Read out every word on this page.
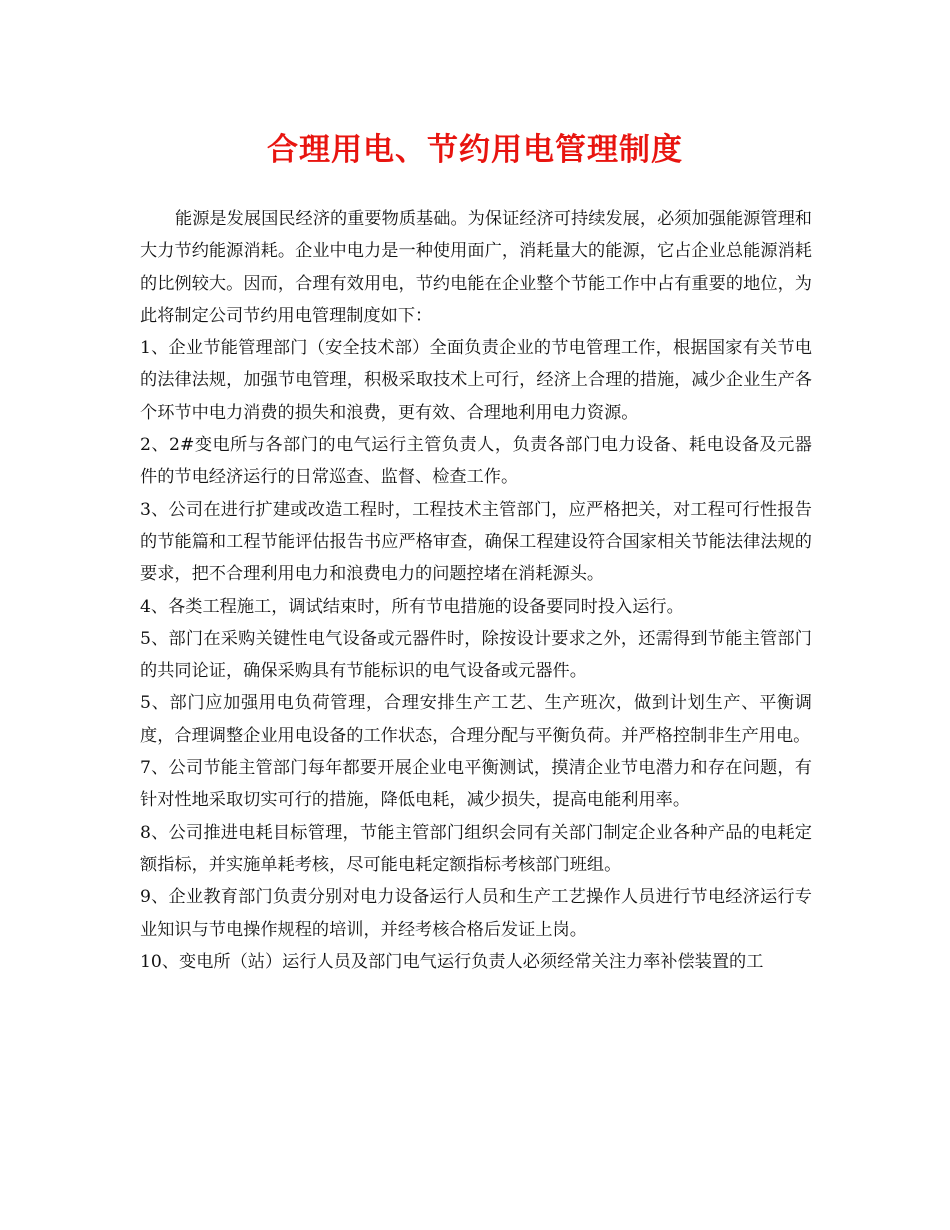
合理用电、节约用电管理制度

能源是发展国民经济的重要物质基础。为保证经济可持续发展，必须加强能源管理和大力节约能源消耗。企业中电力是一种使用面广，消耗量大的能源，它占企业总能源消耗的比例较大。因而，合理有效用电，节约电能在企业整个节能工作中占有重要的地位，为此将制定公司节约用电管理制度如下：

1、企业节能管理部门（安全技术部）全面负责企业的节电管理工作，根据国家有关节电的法律法规，加强节电管理，积极采取技术上可行，经济上合理的措施，减少企业生产各个环节中电力消费的损失和浪费，更有效、合理地利用电力资源。

2、2#变电所与各部门的电气运行主管负责人，负责各部门电力设备、耗电设备及元器件的节电经济运行的日常巡查、监督、检查工作。

3、公司在进行扩建或改造工程时，工程技术主管部门，应严格把关，对工程可行性报告的节能篇和工程节能评估报告书应严格审查，确保工程建设符合国家相关节能法律法规的要求，把不合理利用电力和浪费电力的问题控堵在消耗源头。

4、各类工程施工，调试结束时，所有节电措施的设备要同时投入运行。

5、部门在采购关键性电气设备或元器件时，除按设计要求之外，还需得到节能主管部门的共同论证，确保采购具有节能标识的电气设备或元器件。

5、部门应加强用电负荷管理，合理安排生产工艺、生产班次，做到计划生产、平衡调度，合理调整企业用电设备的工作状态，合理分配与平衡负荷。并严格控制非生产用电。

7、公司节能主管部门每年都要开展企业电平衡测试，摸清企业节电潜力和存在问题，有针对性地采取切实可行的措施，降低电耗，减少损失，提高电能利用率。

8、公司推进电耗目标管理，节能主管部门组织会同有关部门制定企业各种产品的电耗定额指标，并实施单耗考核，尽可能电耗定额指标考核部门班组。

9、企业教育部门负责分别对电力设备运行人员和生产工艺操作人员进行节电经济运行专业知识与节电操作规程的培训，并经考核合格后发证上岗。

10、变电所（站）运行人员及部门电气运行负责人必须经常关注力率补偿装置的工
